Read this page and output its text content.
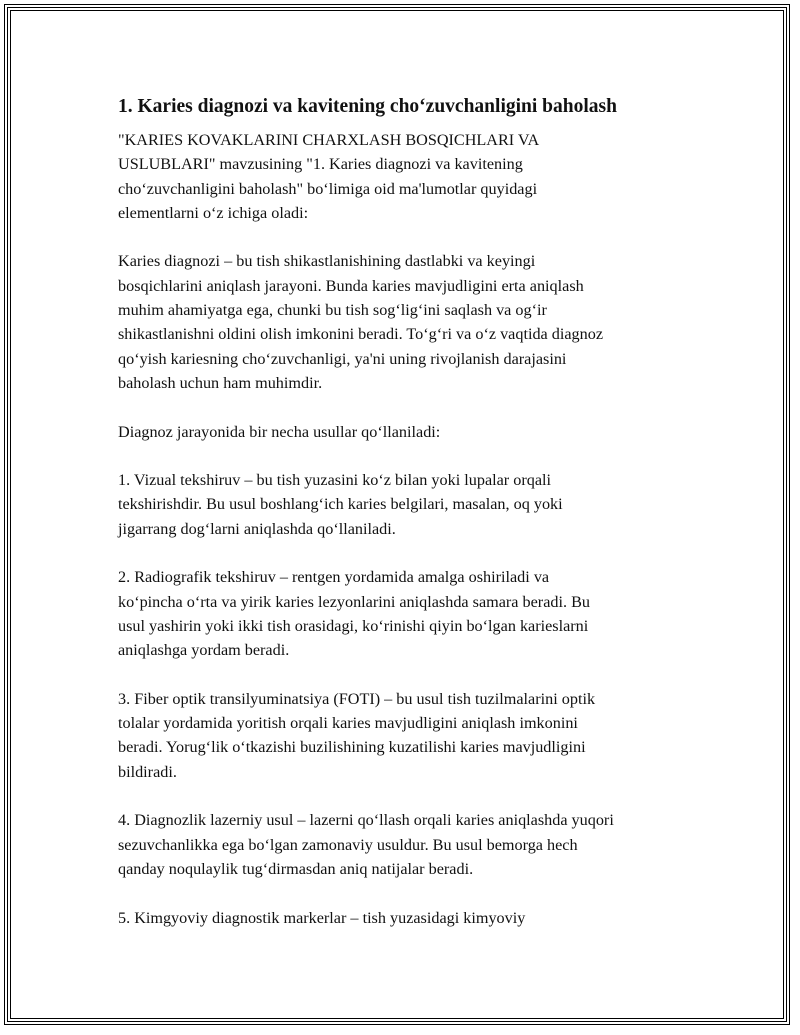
1. Karies diagnozi va kavitening cho‘zuvchanligini baholash

"KARIES KOVAKLARINI CHARXLASH BOSQICHLARI VA
USLUBLARI" mavzusining "1. Karies diagnozi va kavitening
cho‘zuvchanligini baholash" bo‘limiga oid ma'lumotlar quyidagi
elementlarni o‘z ichiga oladi:

Karies diagnozi – bu tish shikastlanishining dastlabki va keyingi
bosqichlarini aniqlash jarayoni. Bunda karies mavjudligini erta aniqlash
muhim ahamiyatga ega, chunki bu tish sog‘lig‘ini saqlash va og‘ir
shikastlanishni oldini olish imkonini beradi. To‘g‘ri va o‘z vaqtida diagnoz
qo‘yish kariesning cho‘zuvchanligi, ya'ni uning rivojlanish darajasini
baholash uchun ham muhimdir.

Diagnoz jarayonida bir necha usullar qo‘llaniladi:

1. Vizual tekshiruv – bu tish yuzasini ko‘z bilan yoki lupalar orqali
tekshirishdir. Bu usul boshlang‘ich karies belgilari, masalan, oq yoki
jigarrang dog‘larni aniqlashda qo‘llaniladi.

2. Radiografik tekshiruv – rentgen yordamida amalga oshiriladi va
ko‘pincha o‘rta va yirik karies lezyonlarini aniqlashda samara beradi. Bu
usul yashirin yoki ikki tish orasidagi, ko‘rinishi qiyin bo‘lgan karieslarni
aniqlashga yordam beradi.

3. Fiber optik transilyuminatsiya (FOTI) – bu usul tish tuzilmalarini optik
tolalar yordamida yoritish orqali karies mavjudligini aniqlash imkonini
beradi. Yorug‘lik o‘tkazishi buzilishining kuzatilishi karies mavjudligini
bildiradi.

4. Diagnozlik lazerniy usul – lazerni qo‘llash orqali karies aniqlashda yuqori
sezuvchanlikka ega bo‘lgan zamonaviy usuldur. Bu usul bemorga hech
qanday noqulaylik tug‘dirmasdan aniq natijalar beradi.

5. Kimgyoviy diagnostik markerlar – tish yuzasidagi kimyoviy
